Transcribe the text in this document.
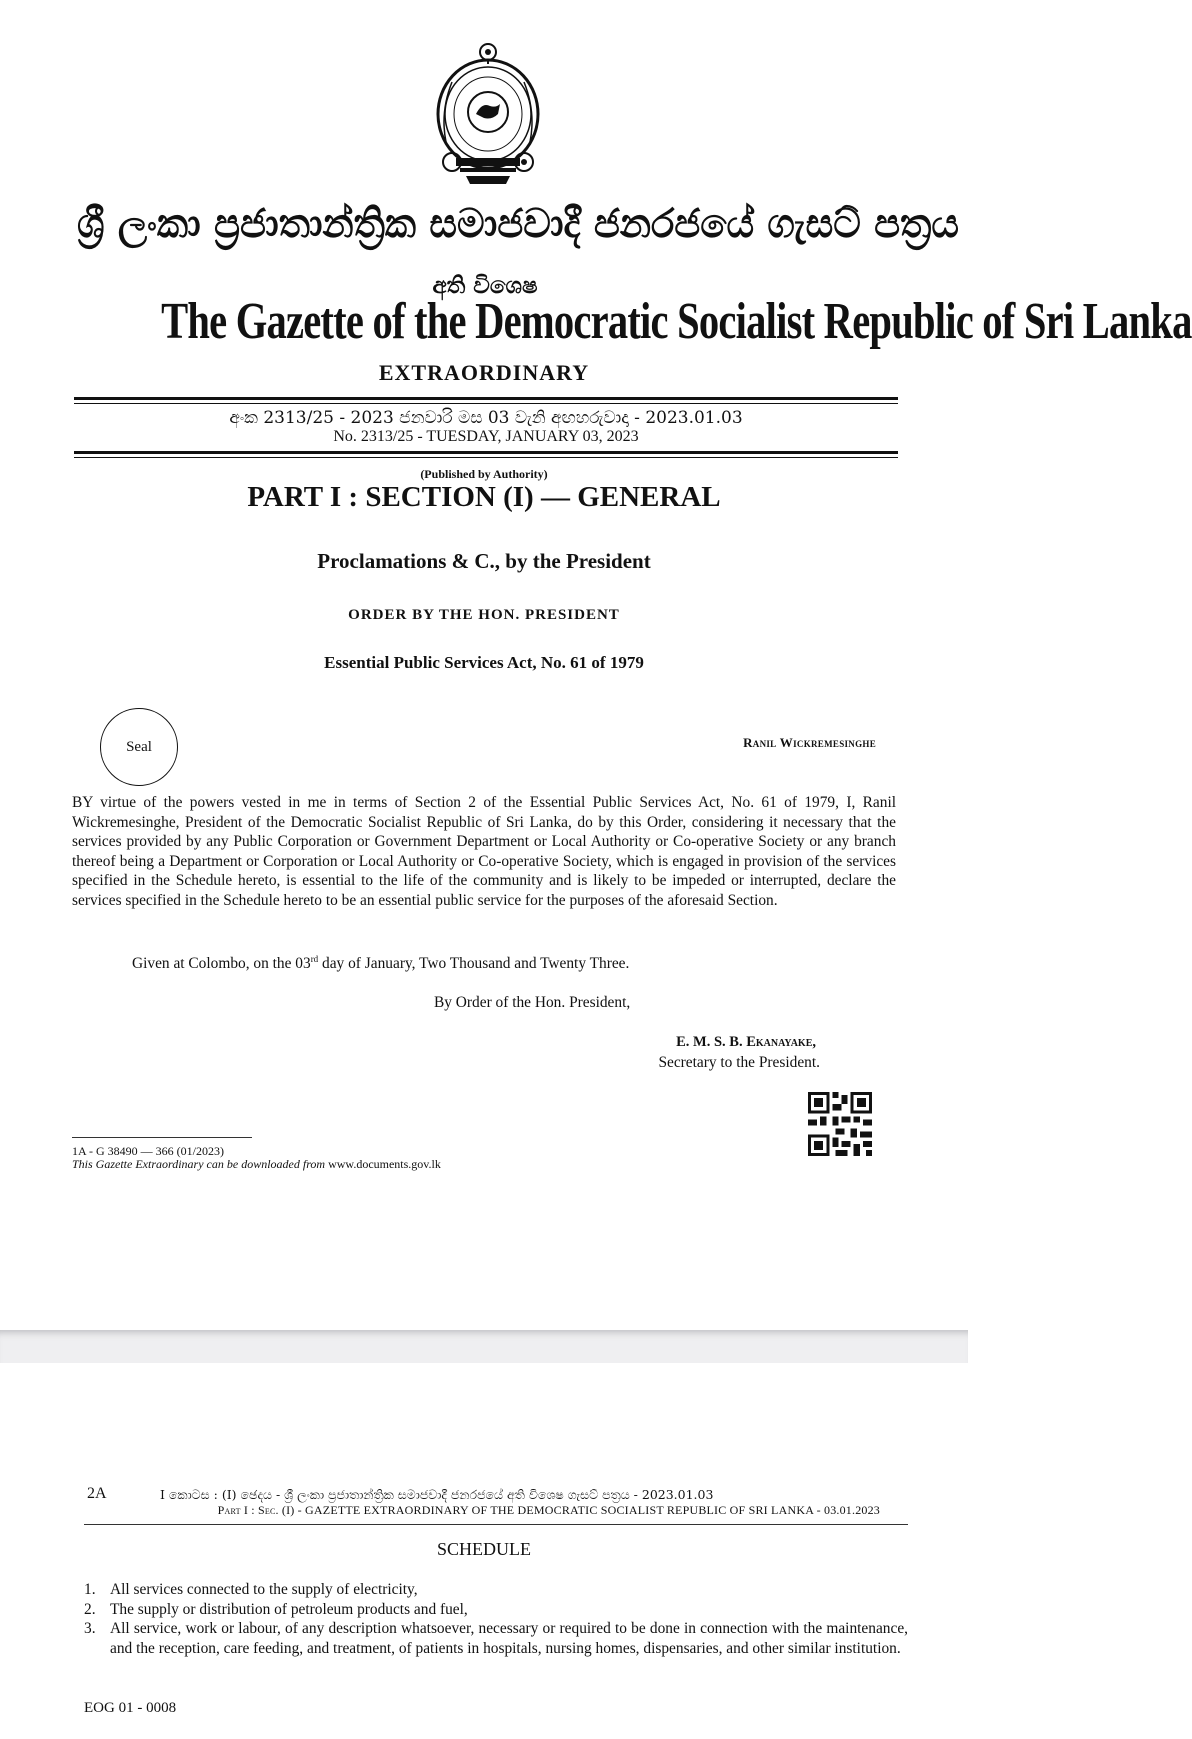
ශ්‍රී ලංකා ප්‍රජාතාන්ත්‍රික සමාජවාදී ජනරජයේ ගැසට් පත්‍රය
අති විශෙෂ
The Gazette of the Democratic Socialist Republic of Sri Lanka
EXTRAORDINARY
අංක 2313/25 - 2023 ජනවාරි මස 03 වැනි අඟහරුවාදා - 2023.01.03
No. 2313/25 - TUESDAY, JANUARY 03, 2023
(Published by Authority)
PART I : SECTION (I) — GENERAL
Proclamations & C., by the President
ORDER BY THE HON. PRESIDENT
Essential Public Services Act, No. 61 of 1979
Seal	Ranil Wickremesinghe
BY virtue of the powers vested in me in terms of Section 2 of the Essential Public Services Act, No. 61 of 1979, I, Ranil Wickremesinghe, President of the Democratic Socialist Republic of Sri Lanka, do by this Order, considering it necessary that the services provided by any Public Corporation or Government Department or Local Authority or Co-operative Society or any branch thereof being a Department or Corporation or Local Authority or Co-operative Society, which is engaged in provision of the services specified in the Schedule hereto, is essential to the life of the community and is likely to be impeded or interrupted, declare the services specified in the Schedule hereto to be an essential public service for the purposes of the aforesaid Section.
Given at Colombo, on the 03rd day of January, Two Thousand and Twenty Three.
By Order of the Hon. President,
E. M. S. B. Ekanayake,
Secretary to the President.
1A - G 38490 — 366 (01/2023)
This Gazette Extraordinary can be downloaded from www.documents.gov.lk
2A	I කොටස : (I) ඡෙදය - ශ්‍රී ලංකා ප්‍රජාතාන්ත්‍රික සමාජවාදී ජනරජයේ අති විශෙෂ ගැසට් පත්‍රය - 2023.01.03
Part I : Sec. (I) - GAZETTE EXTRAORDINARY OF THE DEMOCRATIC SOCIALIST REPUBLIC OF SRI LANKA - 03.01.2023
SCHEDULE
1. All services connected to the supply of electricity,
2. The supply or distribution of petroleum products and fuel,
3. All service, work or labour, of any description whatsoever, necessary or required to be done in connection with the maintenance, and the reception, care feeding, and treatment, of patients in hospitals, nursing homes, dispensaries, and other similar institution.
EOG 01 - 0008
